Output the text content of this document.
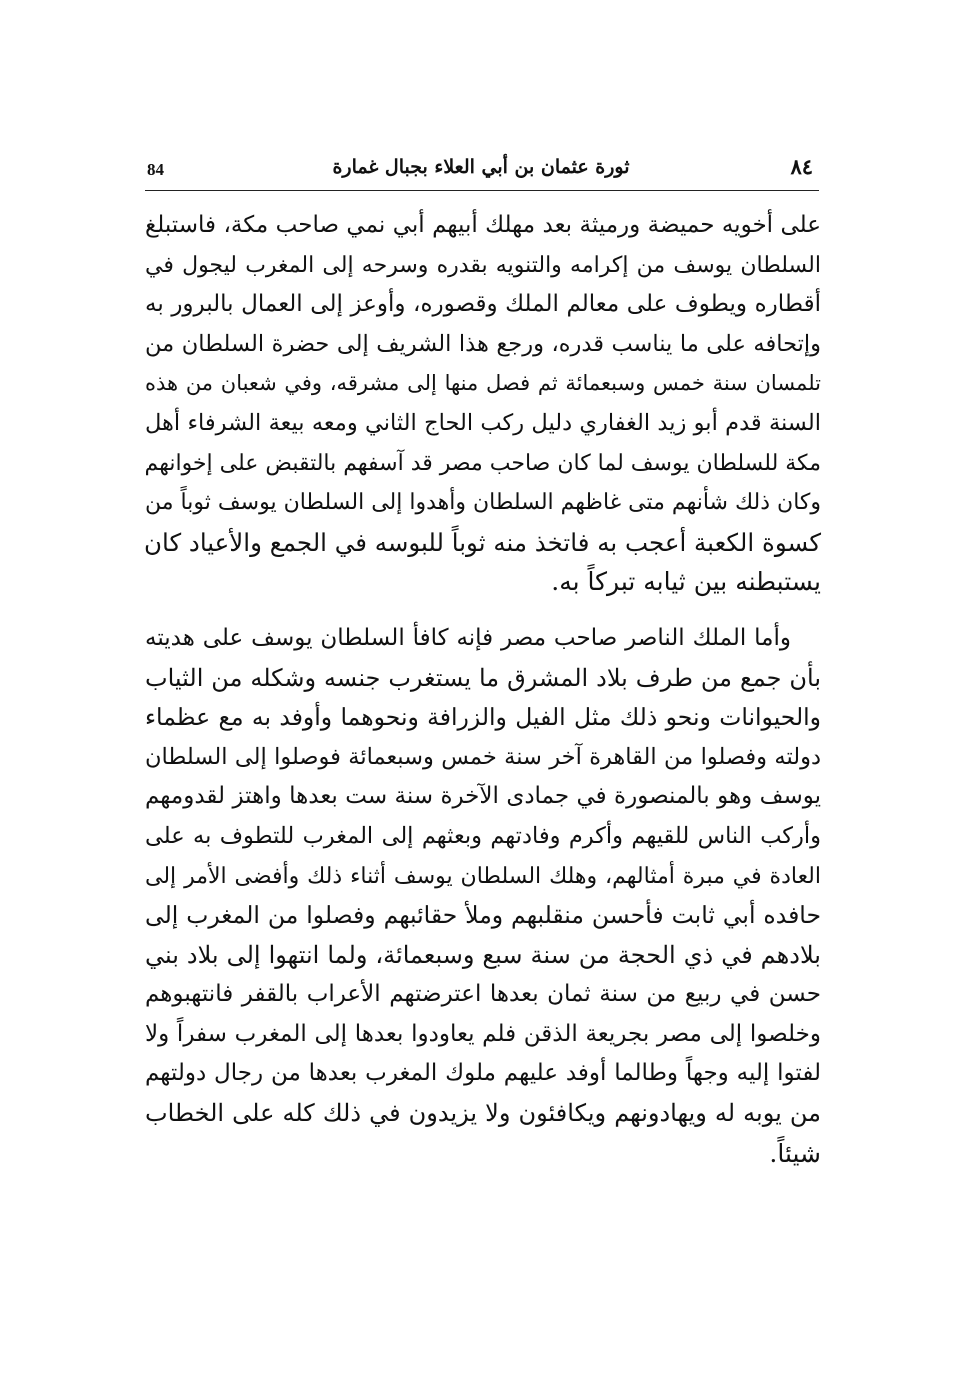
84	ثورة عثمان بن أبي العلاء بجبال غمارة	٨٤
على أخويه حميضة ورميثة بعد مهلك أبيهم أبي نمي صاحب مكة، فاستبلغ
السلطان يوسف من إكرامه والتنويه بقدره وسرحه إلى المغرب ليجول في
أقطاره ويطوف على معالم الملك وقصوره، وأوعز إلى العمال بالبرور به
وإتحافه على ما يناسب قدره، ورجع هذا الشريف إلى حضرة السلطان من
تلمسان سنة خمس وسبعمائة ثم فصل منها إلى مشرقه، وفي شعبان من هذه
السنة قدم أبو زيد الغفاري دليل ركب الحاج الثاني ومعه بيعة الشرفاء أهل
مكة للسلطان يوسف لما كان صاحب مصر قد آسفهم بالتقبض على إخوانهم
وكان ذلك شأنهم متى غاظهم السلطان وأهدوا إلى السلطان يوسف ثوباً من
كسوة الكعبة أعجب به فاتخذ منه ثوباً للبوسه في الجمع والأعياد كان
يستبطنه بين ثيابه تبركاً به.
وأما الملك الناصر صاحب مصر فإنه كافأ السلطان يوسف على هديته
بأن جمع من طرف بلاد المشرق ما يستغرب جنسه وشكله من الثياب
والحيوانات ونحو ذلك مثل الفيل والزرافة ونحوهما وأوفد به مع عظماء
دولته وفصلوا من القاهرة آخر سنة خمس وسبعمائة فوصلوا إلى السلطان
يوسف وهو بالمنصورة في جمادى الآخرة سنة ست بعدها واهتز لقدومهم
وأركب الناس للقيهم وأكرم وفادتهم وبعثهم إلى المغرب للتطوف به على
العادة في مبرة أمثالهم، وهلك السلطان يوسف أثناء ذلك وأفضى الأمر إلى
حافده أبي ثابت فأحسن منقلبهم وملأ حقائبهم وفصلوا من المغرب إلى
بلادهم في ذي الحجة من سنة سبع وسبعمائة، ولما انتهوا إلى بلاد بني
حسن في ربيع من سنة ثمان بعدها اعترضتهم الأعراب بالقفر فانتهبوهم
وخلصوا إلى مصر بجريعة الذقن فلم يعاودوا بعدها إلى المغرب سفراً ولا
لفتوا إليه وجهاً وطالما أوفد عليهم ملوك المغرب بعدها من رجال دولتهم
من يوبه له ويهادونهم ويكافئون ولا يزيدون في ذلك كله على الخطاب
شيئاً.
